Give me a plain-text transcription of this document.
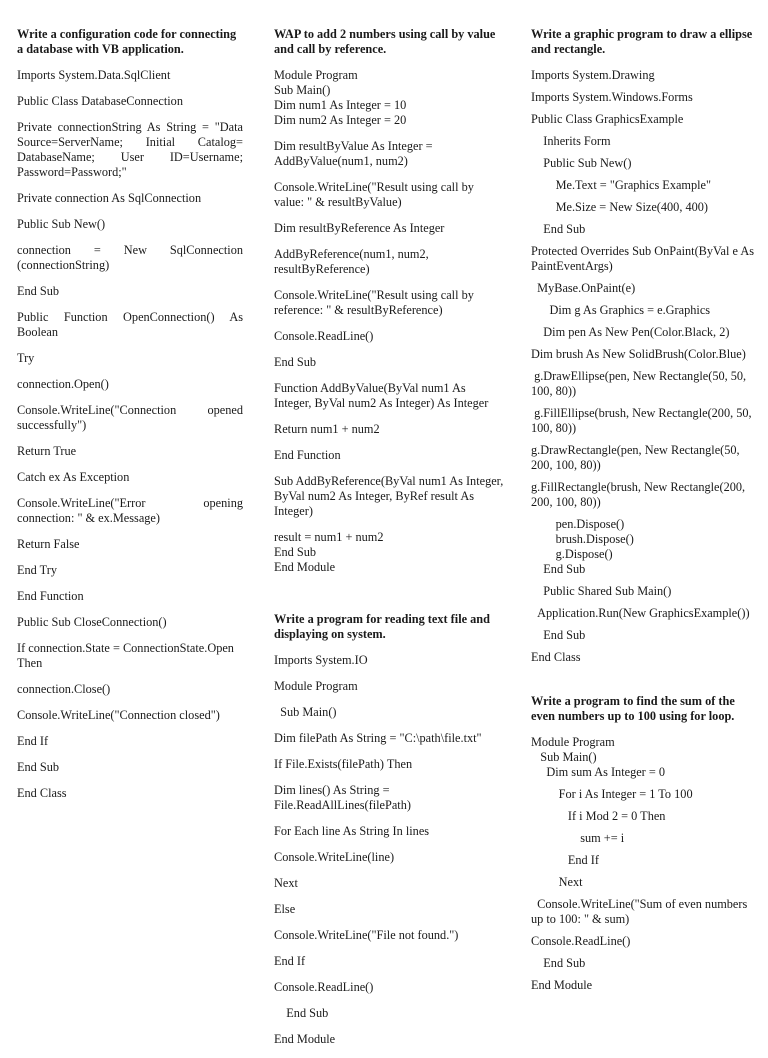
Write a configuration code for connecting a database with VB application.

Imports System.Data.SqlClient

Public Class DatabaseConnection

Private connectionString As String = "Data Source=ServerName; Initial Catalog= DatabaseName; User ID=Username; Password=Password;"

Private connection As SqlConnection

Public Sub New()

connection = New SqlConnection (connectionString)

End Sub

Public Function OpenConnection() As Boolean

Try

connection.Open()

Console.WriteLine("Connection opened successfully")

Return True

Catch ex As Exception

Console.WriteLine("Error opening connection: " & ex.Message)

Return False

End Try

End Function

Public Sub CloseConnection()

If connection.State = ConnectionState.Open Then

connection.Close()

Console.WriteLine("Connection closed")

End If

End Sub

End Class

WAP to add 2 numbers using call by value and call by reference.

Module Program
Sub Main()
Dim num1 As Integer = 10
Dim num2 As Integer = 20

Dim resultByValue As Integer = AddByValue(num1, num2)

Console.WriteLine("Result using call by value: " & resultByValue)

Dim resultByReference As Integer

AddByReference(num1, num2, resultByReference)

Console.WriteLine("Result using call by reference: " & resultByReference)

Console.ReadLine()

End Sub

Function AddByValue(ByVal num1 As Integer, ByVal num2 As Integer) As Integer

Return num1 + num2

End Function

Sub AddByReference(ByVal num1 As Integer, ByVal num2 As Integer, ByRef result As Integer)

result = num1 + num2
End Sub
End Module

Write a program for reading text file and displaying on system.

Imports System.IO

Module Program

Sub Main()

Dim filePath As String = "C:\path\file.txt"

If File.Exists(filePath) Then

Dim lines() As String = File.ReadAllLines(filePath)

For Each line As String In lines

Console.WriteLine(line)

Next

Else

Console.WriteLine("File not found.")

End If

Console.ReadLine()

End Sub

End Module

Write a graphic program to draw a ellipse and rectangle.

Imports System.Drawing

Imports System.Windows.Forms

Public Class GraphicsExample

Inherits Form

Public Sub New()

Me.Text = "Graphics Example"

Me.Size = New Size(400, 400)

End Sub

Protected Overrides Sub OnPaint(ByVal e As PaintEventArgs)

MyBase.OnPaint(e)

Dim g As Graphics = e.Graphics

Dim pen As New Pen(Color.Black, 2)

Dim brush As New SolidBrush(Color.Blue)

g.DrawEllipse(pen, New Rectangle(50, 50, 100, 80))

g.FillEllipse(brush, New Rectangle(200, 50, 100, 80))

g.DrawRectangle(pen, New Rectangle(50, 200, 100, 80))

g.FillRectangle(brush, New Rectangle(200, 200, 100, 80))

pen.Dispose()
brush.Dispose()
g.Dispose()
End Sub

Public Shared Sub Main()

Application.Run(New GraphicsExample())

End Sub

End Class

Write a program to find the sum of the even numbers up to 100 using for loop.

Module Program
Sub Main()
Dim sum As Integer = 0

For i As Integer = 1 To 100

If i Mod 2 = 0 Then

sum += i

End If

Next

Console.WriteLine("Sum of even numbers up to 100: " & sum)

Console.ReadLine()

End Sub

End Module
